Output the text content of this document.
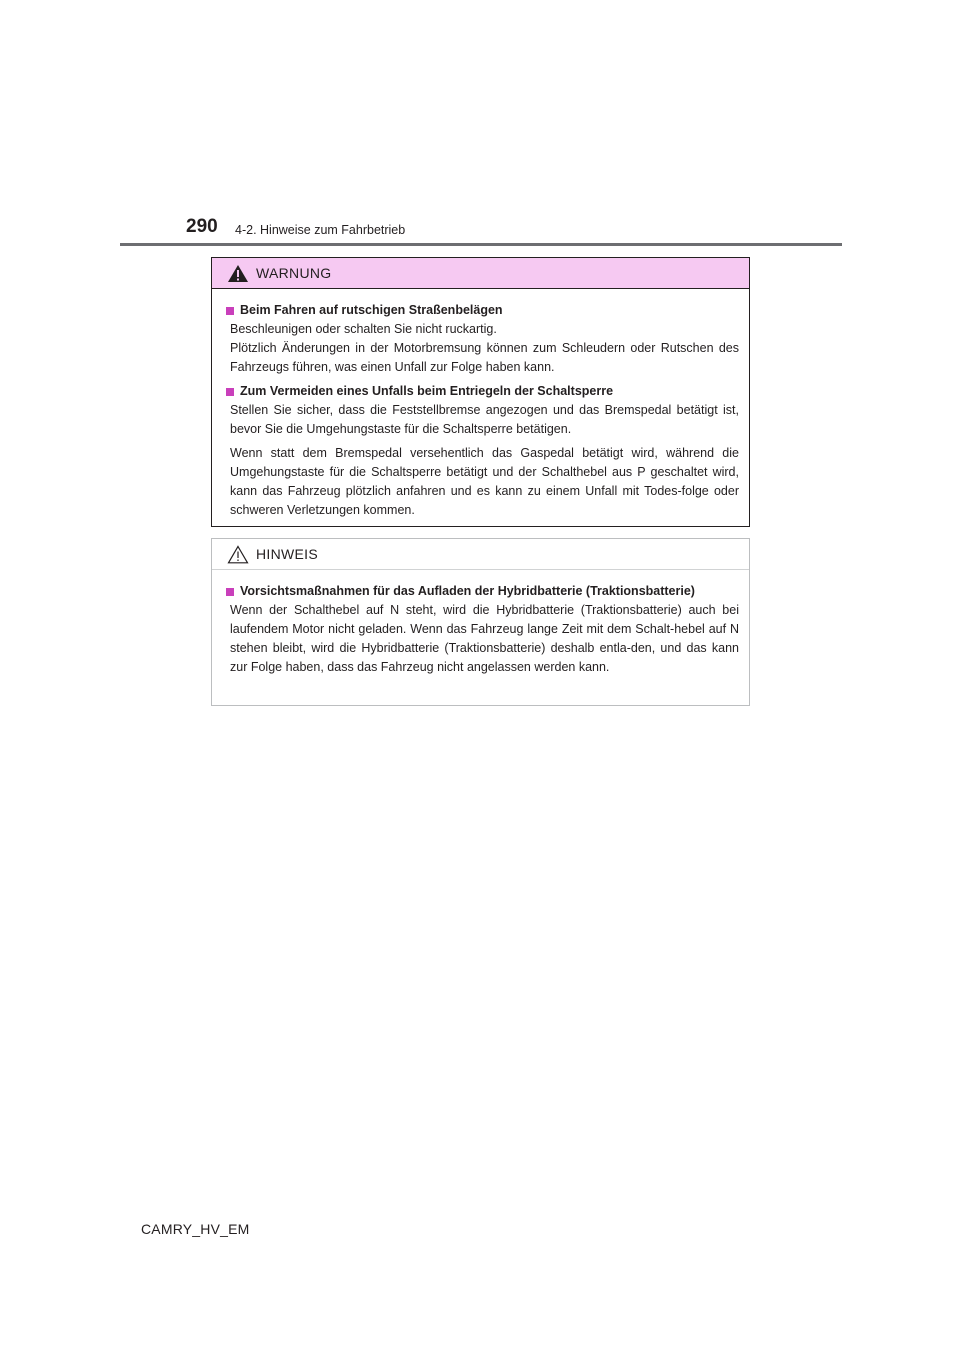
290 4-2. Hinweise zum Fahrbetrieb
WARNUNG
Beim Fahren auf rutschigen Straßenbelägen
Beschleunigen oder schalten Sie nicht ruckartig.
Plötzlich Änderungen in der Motorbremsung können zum Schleudern oder Rutschen des Fahrzeugs führen, was einen Unfall zur Folge haben kann.
Zum Vermeiden eines Unfalls beim Entriegeln der Schaltsperre
Stellen Sie sicher, dass die Feststellbremse angezogen und das Bremspedal betätigt ist, bevor Sie die Umgehungstaste für die Schaltsperre betätigen.
Wenn statt dem Bremspedal versehentlich das Gaspedal betätigt wird, während die Umgehungstaste für die Schaltsperre betätigt und der Schalthebel aus P geschaltet wird, kann das Fahrzeug plötzlich anfahren und es kann zu einem Unfall mit Todes-folge oder schweren Verletzungen kommen.
HINWEIS
Vorsichtsmaßnahmen für das Aufladen der Hybridbatterie (Traktionsbatterie)
Wenn der Schalthebel auf N steht, wird die Hybridbatterie (Traktionsbatterie) auch bei laufendem Motor nicht geladen. Wenn das Fahrzeug lange Zeit mit dem Schalt-hebel auf N stehen bleibt, wird die Hybridbatterie (Traktionsbatterie) deshalb entla-den, und das kann zur Folge haben, dass das Fahrzeug nicht angelassen werden kann.
CAMRY_HV_EM
